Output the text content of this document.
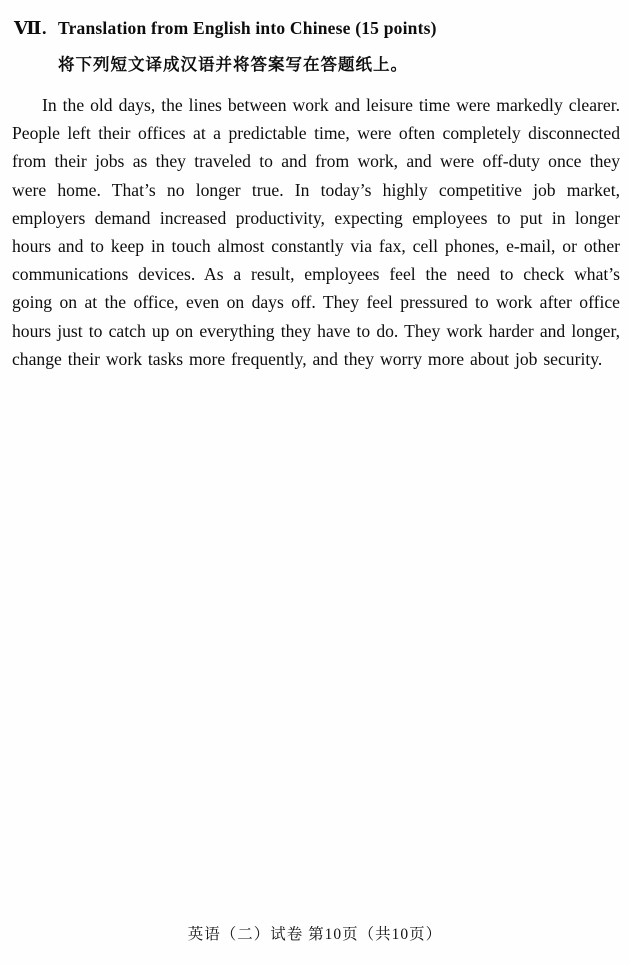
Ⅶ. Translation from English into Chinese (15 points)
将下列短文译成汉语并将答案写在答题纸上。

In the old days, the lines between work and leisure time were markedly clearer. People left their offices at a predictable time, were often completely disconnected from their jobs as they traveled to and from work, and were off-duty once they were home. That’s no longer true. In today’s highly competitive job market, employers demand increased productivity, expecting employees to put in longer hours and to keep in touch almost constantly via fax, cell phones, e-mail, or other communications devices. As a result, employees feel the need to check what’s going on at the office, even on days off. They feel pressured to work after office hours just to catch up on everything they have to do. They work harder and longer, change their work tasks more frequently, and they worry more about job security.

英语（二）试卷 第10页（共10页）
